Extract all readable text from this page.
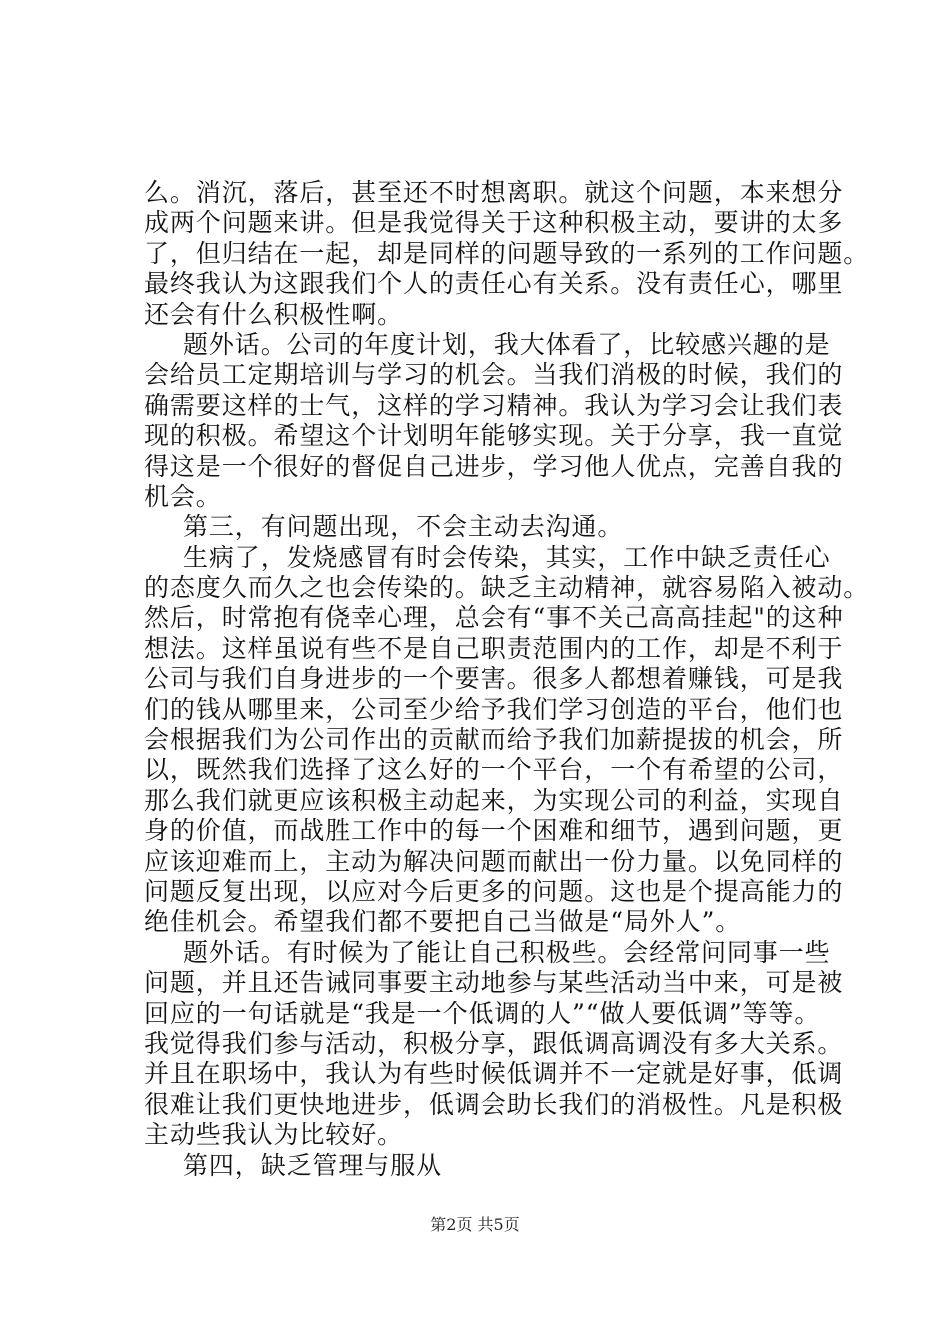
么。消沉，落后，甚至还不时想离职。就这个问题，本来想分
成两个问题来讲。但是我觉得关于这种积极主动，要讲的太多
了，但归结在一起，却是同样的问题导致的一系列的工作问题。
最终我认为这跟我们个人的责任心有关系。没有责任心，哪里
还会有什么积极性啊。
题外话。公司的年度计划，我大体看了，比较感兴趣的是
会给员工定期培训与学习的机会。当我们消极的时候，我们的
确需要这样的士气，这样的学习精神。我认为学习会让我们表
现的积极。希望这个计划明年能够实现。关于分享，我一直觉
得这是一个很好的督促自己进步，学习他人优点，完善自我的
机会。
第三，有问题出现，不会主动去沟通。
生病了，发烧感冒有时会传染，其实，工作中缺乏责任心
的态度久而久之也会传染的。缺乏主动精神，就容易陷入被动。
然后，时常抱有侥幸心理，总会有“事不关己高高挂起"的这种
想法。这样虽说有些不是自己职责范围内的工作，却是不利于
公司与我们自身进步的一个要害。很多人都想着赚钱，可是我
们的钱从哪里来，公司至少给予我们学习创造的平台，他们也
会根据我们为公司作出的贡献而给予我们加薪提拔的机会，所
以，既然我们选择了这么好的一个平台，一个有希望的公司，
那么我们就更应该积极主动起来，为实现公司的利益，实现自
身的价值，而战胜工作中的每一个困难和细节，遇到问题，更
应该迎难而上，主动为解决问题而献出一份力量。以免同样的
问题反复出现，以应对今后更多的问题。这也是个提高能力的
绝佳机会。希望我们都不要把自己当做是“局外人”。
题外话。有时候为了能让自己积极些。会经常问同事一些
问题，并且还告诫同事要主动地参与某些活动当中来，可是被
回应的一句话就是“我是一个低调的人”“做人要低调”等等。
我觉得我们参与活动，积极分享，跟低调高调没有多大关系。
并且在职场中，我认为有些时候低调并不一定就是好事，低调
很难让我们更快地进步，低调会助长我们的消极性。凡是积极
主动些我认为比较好。
第四，缺乏管理与服从
第2页 共5页
